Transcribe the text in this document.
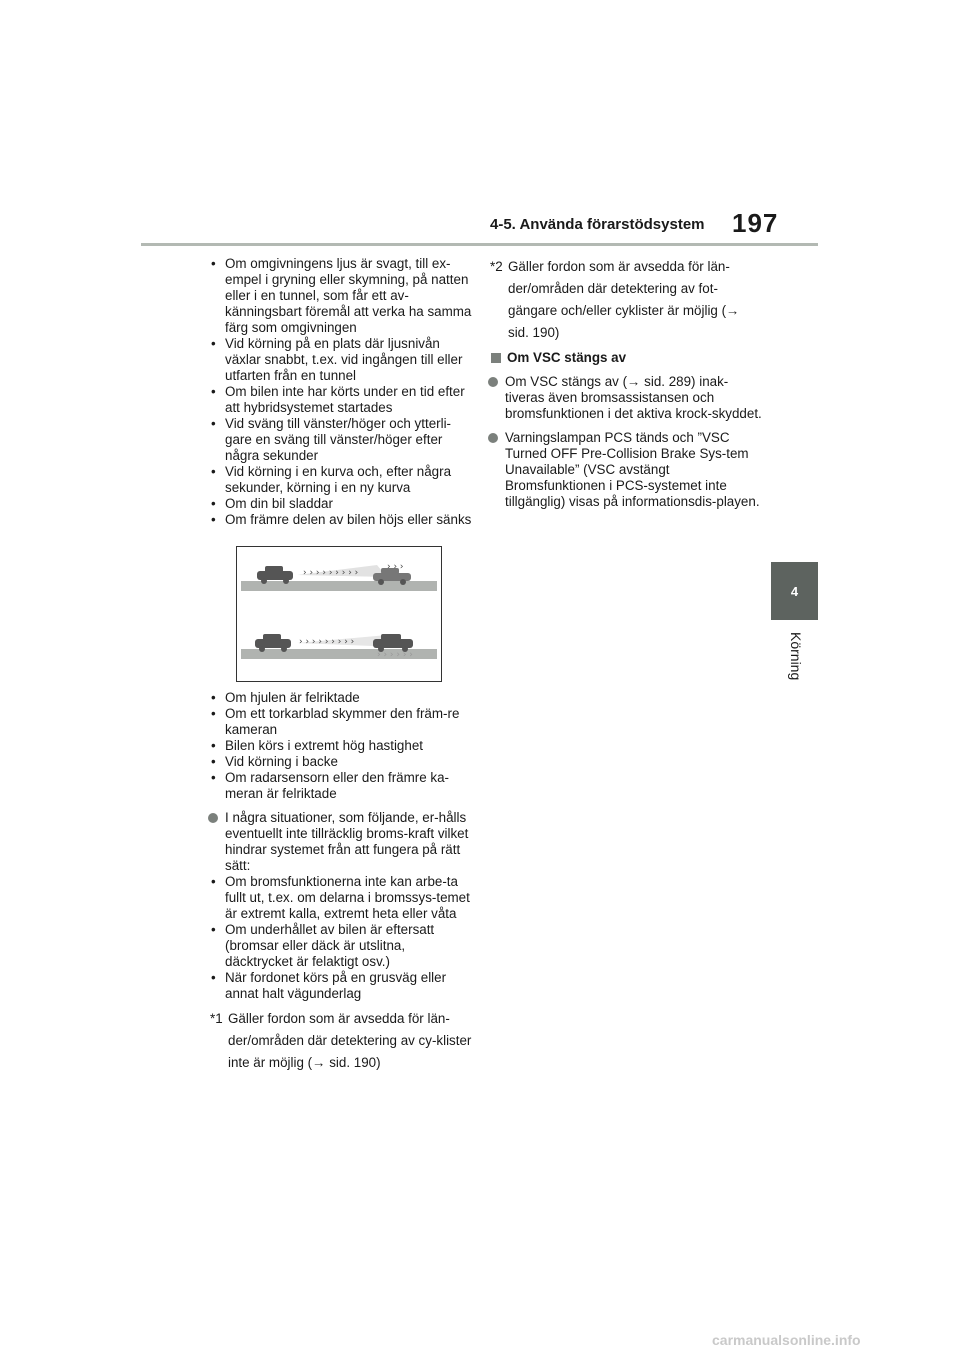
4-5. Använda förarstödsystem 197
4
Körning
• Om omgivningens ljus är svagt, till ex-empel i gryning eller skymning, på natten eller i en tunnel, som får ett av-känningsbart föremål att verka ha samma färg som omgivningen
• Vid körning på en plats där ljusnivån växlar snabbt, t.ex. vid ingången till eller utfarten från en tunnel
• Om bilen inte har körts under en tid efter att hybridsystemet startades
• Vid sväng till vänster/höger och ytterli-gare en sväng till vänster/höger efter några sekunder
• Vid körning i en kurva och, efter några sekunder, körning i en ny kurva
• Om din bil sladdar
• Om främre delen av bilen höjs eller sänks
› › › › › › › › ›
› › ›
› › › › › › › › ›
› › › › › ›
• Om hjulen är felriktade
• Om ett torkarblad skymmer den främ-re kameran
• Bilen körs i extremt hög hastighet
• Vid körning i backe
• Om radarsensorn eller den främre ka-meran är felriktade
I några situationer, som följande, er-hålls eventuellt inte tillräcklig broms-kraft vilket hindrar systemet från att fungera på rätt sätt:
• Om bromsfunktionerna inte kan arbe-ta fullt ut, t.ex. om delarna i bromssys-temet är extremt kalla, extremt heta eller våta
• Om underhållet av bilen är eftersatt (bromsar eller däck är utslitna, däcktrycket är felaktigt osv.)
• När fordonet körs på en grusväg eller annat halt vägunderlag
*1 Gäller fordon som är avsedda för län-der/områden där detektering av cy-klister inte är möjlig (→ sid. 190)
*2 Gäller fordon som är avsedda för län-der/områden där detektering av fot-gängare och/eller cyklister är möjlig (→ sid. 190)
Om VSC stängs av
Om VSC stängs av (→ sid. 289) inak-tiveras även bromsassistansen och bromsfunktionen i det aktiva krock-skyddet.
Varningslampan PCS tänds och ”VSC Turned OFF Pre-Collision Brake Sys-tem Unavailable” (VSC avstängt Bromsfunktionen i PCS-systemet inte tillgänglig) visas på informationsdis-playen.
carmanualsonline.info
